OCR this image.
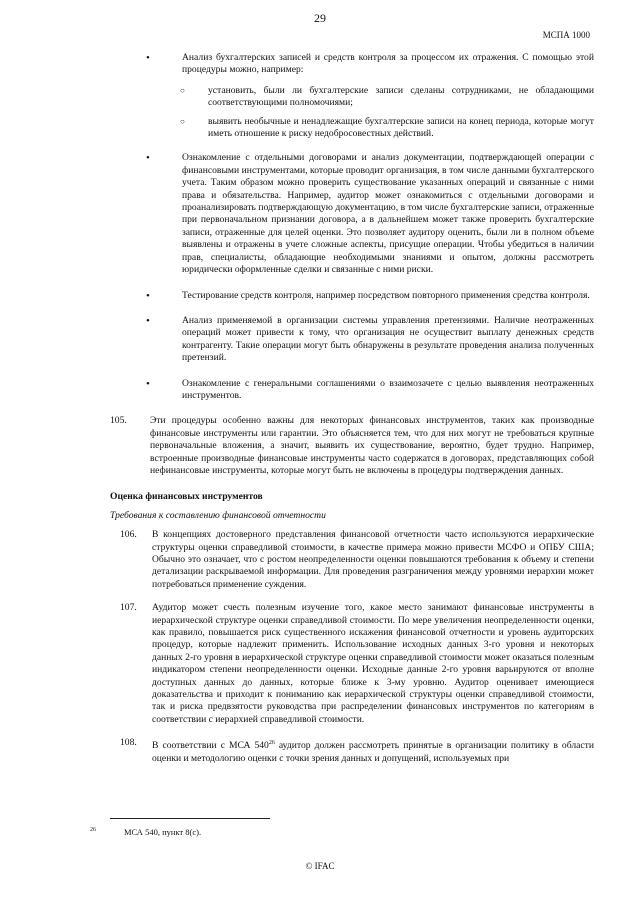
29
МСПА 1000
•	Анализ бухгалтерских записей и средств контроля за процессом их отражения. С помощью этой процедуры можно, например:
○ установить, были ли бухгалтерские записи сделаны сотрудниками, не обладающими соответствующими полномочиями;
○ выявить необычные и ненадлежащие бухгалтерские записи на конец периода, которые могут иметь отношение к риску недобросовестных действий.
•	Ознакомление с отдельными договорами и анализ документации, подтверждающей операции с финансовыми инструментами, которые проводит организация, в том числе данными бухгалтерского учета. Таким образом можно проверить существование указанных операций и связанные с ними права и обязательства. Например, аудитор может ознакомиться с отдельными договорами и проанализировать подтверждающую документацию, в том числе бухгалтерские записи, отраженные при первоначальном признании договора, а в дальнейшем может также проверить бухгалтерские записи, отраженные для целей оценки. Это позволяет аудитору оценить, были ли в полном объеме выявлены и отражены в учете сложные аспекты, присущие операции. Чтобы убедиться в наличии прав, специалисты, обладающие необходимыми знаниями и опытом, должны рассмотреть юридически оформленные сделки и связанные с ними риски.
•	Тестирование средств контроля, например посредством повторного применения средства контроля.
•	Анализ применяемой в организации системы управления претензиями. Наличие неотраженных операций может привести к тому, что организация не осуществит выплату денежных средств контрагенту. Такие операции могут быть обнаружены в результате проведения анализа полученных претензий.
•	Ознакомление с генеральными соглашениями о взаимозачете с целью выявления неотраженных инструментов.
105. Эти процедуры особенно важны для некоторых финансовых инструментов, таких как производные финансовые инструменты или гарантии. Это объясняется тем, что для них могут не требоваться крупные первоначальные вложения, а значит, выявить их существование, вероятно, будет трудно. Например, встроенные производные финансовые инструменты часто содержатся в договорах, представляющих собой нефинансовые инструменты, которые могут быть не включены в процедуры подтверждения данных.
Оценка финансовых инструментов
Требования к составлению финансовой отчетности
106. В концепциях достоверного представления финансовой отчетности часто используются иерархические структуры оценки справедливой стоимости, в качестве примера можно привести МСФО и ОПБУ США; Обычно это означает, что с ростом неопределенности оценки повышаются требования к объему и степени детализации раскрываемой информации. Для проведения разграничения между уровнями иерархии может потребоваться применение суждения.
107. Аудитор может счесть полезным изучение того, какое место занимают финансовые инструменты в иерархической структуре оценки справедливой стоимости. По мере увеличения неопределенности оценки, как правило, повышается риск существенного искажения финансовой отчетности и уровень аудиторских процедур, которые надлежит применить. Использование исходных данных 3-го уровня и некоторых данных 2-го уровня в иерархической структуре оценки справедливой стоимости может оказаться полезным индикатором степени неопределенности оценки. Исходные данные 2-го уровня варьируются от вполне доступных данных до данных, которые ближе к 3-му уровню. Аудитор оценивает имеющиеся доказательства и приходит к пониманию как иерархической структуры оценки справедливой стоимости, так и риска предвзятости руководства при распределении финансовых инструментов по категориям в соответствии с иерархией справедливой стоимости.
108. В соответствии с МСА $540^{26}$ аудитор должен рассмотреть принятые в организации политику в области оценки и методологию оценки с точки зрения данных и допущений, используемых при
26	МСА 540, пункт 8(c).
© IFAC
